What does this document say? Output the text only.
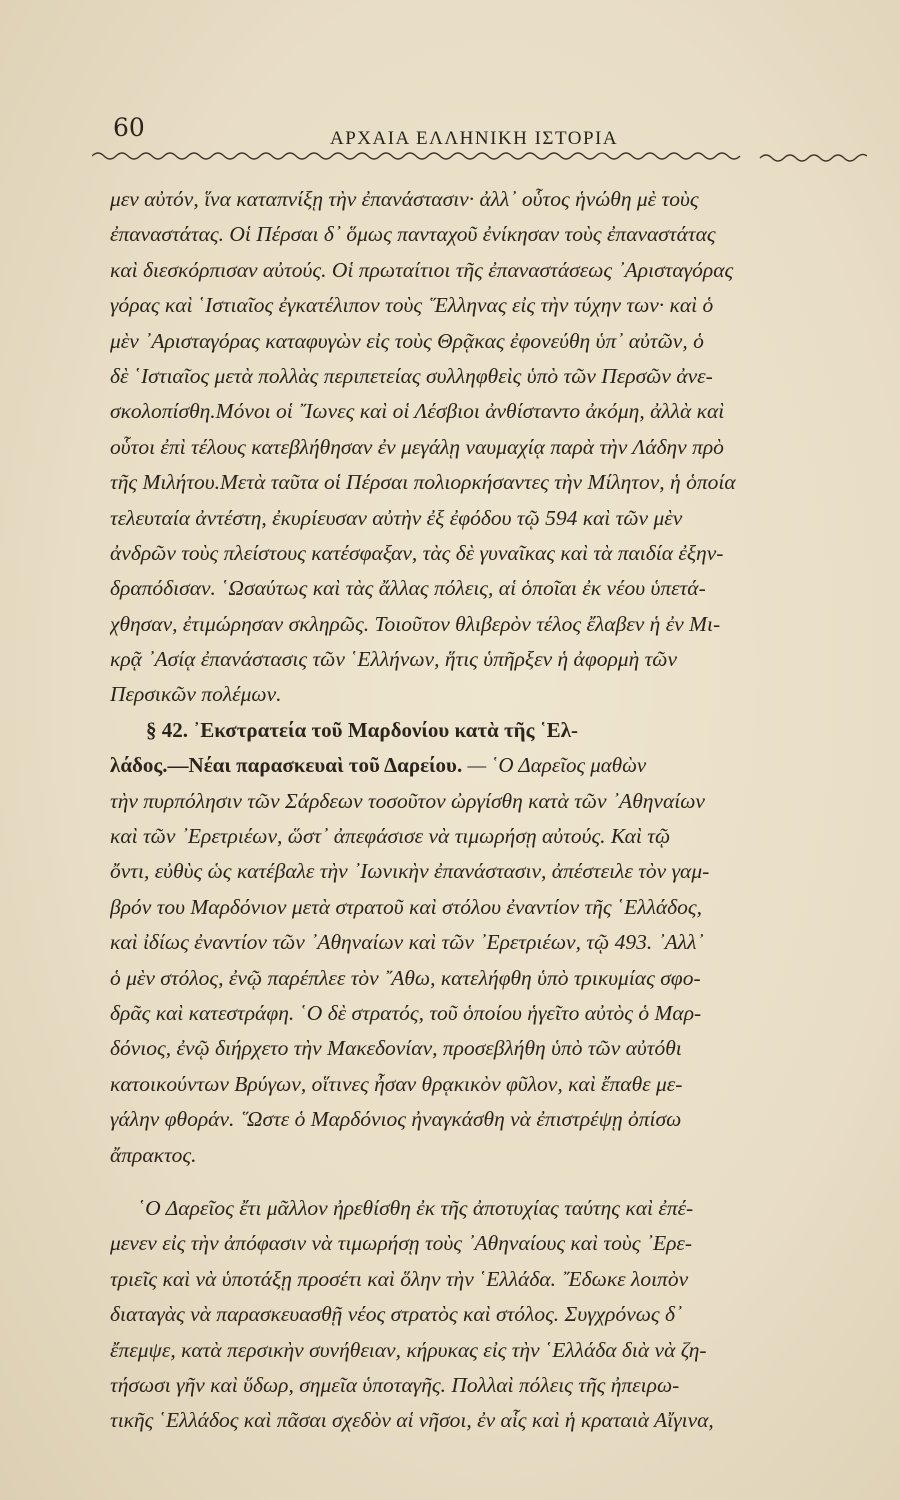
60	ΑΡΧΑΙΑ ΕΛΛΗΝΙΚΗ ΙΣΤΟΡΙΑ
μεν αὐτόν, ἵνα καταπνίξῃ τὴν ἐπανάστασιν· ἀλλ᾽ οὗτος ἡνώθη μὲ τοὺς
ἐπαναστάτας. Οἱ Πέρσαι δ᾽ ὅμως πανταχοῦ ἐνίκησαν τοὺς ἐπαναστάτας
καὶ διεσκόρπισαν αὐτούς. Οἱ πρωταίτιοι τῆς ἐπαναστάσεως ᾽Αρισταγόρας
γόρας καὶ ῾Ιστιαῖος ἐγκατέλιπον τοὺς ῞Ελληνας εἰς τὴν τύχην των· καὶ ὁ
μὲν ᾽Αρισταγόρας καταφυγὼν εἰς τοὺς Θρᾷκας ἐφονεύθη ὑπ᾽ αὐτῶν, ὁ
δὲ ῾Ιστιαῖος μετὰ πολλὰς περιπετείας συλληφθεὶς ὑπὸ τῶν Περσῶν ἀνε-
σκολοπίσθη.Μόνοι οἱ ῎Ιωνες καὶ οἱ Λέσβιοι ἀνθίσταντο ἀκόμη, ἀλλὰ καὶ
οὗτοι ἐπὶ τέλους κατεβλήθησαν ἐν μεγάλῃ ναυμαχίᾳ παρὰ τὴν Λάδην πρὸ
τῆς Μιλήτου.Μετὰ ταῦτα οἱ Πέρσαι πολιορκήσαντες τὴν Μίλητον, ἡ ὁποία
τελευταία ἀντέστη, ἐκυρίευσαν αὐτὴν ἐξ ἐφόδου τῷ 594 καὶ τῶν μὲν
ἀνδρῶν τοὺς πλείστους κατέσφαξαν, τὰς δὲ γυναῖκας καὶ τὰ παιδία ἐξην-
δραπόδισαν. ῾Ωσαύτως καὶ τὰς ἄλλας πόλεις, αἱ ὁποῖαι ἐκ νέου ὑπετά-
χθησαν, ἐτιμώρησαν σκληρῶς. Τοιοῦτον θλιβερὸν τέλος ἔλαβεν ἡ ἐν Μι-
κρᾷ ᾽Ασίᾳ ἐπανάστασις τῶν ῾Ελλήνων, ἥτις ὑπῆρξεν ἡ ἀφορμὴ τῶν
Περσικῶν πολέμων.
§ 42. ᾽Εκστρατεία τοῦ Μαρδονίου κατὰ τῆς ῾Ελ-
λάδος.—Νέαι παρασκευαὶ τοῦ Δαρείου. — ῾Ο Δαρεῖος μαθὼν
τὴν πυρπόλησιν τῶν Σάρδεων τοσοῦτον ὠργίσθη κατὰ τῶν ᾽Αθηναίων
καὶ τῶν ᾽Ερετριέων, ὥστ᾽ ἀπεφάσισε νὰ τιμωρήσῃ αὐτούς. Καὶ τῷ
ὄντι, εὐθὺς ὡς κατέβαλε τὴν ᾽Ιωνικὴν ἐπανάστασιν, ἀπέστειλε τὸν γαμ-
βρόν του Μαρδόνιον μετὰ στρατοῦ καὶ στόλου ἐναντίον τῆς ῾Ελλάδος,
καὶ ἰδίως ἐναντίον τῶν ᾽Αθηναίων καὶ τῶν ᾽Ερετριέων, τῷ 493. ᾽Αλλ᾽
ὁ μὲν στόλος, ἐνῷ παρέπλεε τὸν ῎Αθω, κατελήφθη ὑπὸ τρικυμίας σφο-
δρᾶς καὶ κατεστράφη. ῾Ο δὲ στρατός, τοῦ ὁποίου ἡγεῖτο αὐτὸς ὁ Μαρ-
δόνιος, ἐνῷ διήρχετο τὴν Μακεδονίαν, προσεβλήθη ὑπὸ τῶν αὐτόθι
κατοικούντων Βρύγων, οἵτινες ἦσαν θρᾳκικὸν φῦλον, καὶ ἔπαθε με-
γάλην φθοράν. ῞Ωστε ὁ Μαρδόνιος ἠναγκάσθη νὰ ἐπιστρέψῃ ὀπίσω
ἄπρακτος.
῾Ο Δαρεῖος ἔτι μᾶλλον ἠρεθίσθη ἐκ τῆς ἀποτυχίας ταύτης καὶ ἐπέ-
μενεν εἰς τὴν ἀπόφασιν νὰ τιμωρήσῃ τοὺς ᾽Αθηναίους καὶ τοὺς ᾽Ερε-
τριεῖς καὶ νὰ ὑποτάξῃ προσέτι καὶ ὅλην τὴν ῾Ελλάδα. ῎Εδωκε λοιπὸν
διαταγὰς νὰ παρασκευασθῇ νέος στρατὸς καὶ στόλος. Συγχρόνως δ᾽
ἔπεμψε, κατὰ περσικὴν συνήθειαν, κήρυκας εἰς τὴν ῾Ελλάδα διὰ νὰ ζη-
τήσωσι γῆν καὶ ὕδωρ, σημεῖα ὑποταγῆς. Πολλαὶ πόλεις τῆς ἠπειρω-
τικῆς ῾Ελλάδος καὶ πᾶσαι σχεδὸν αἱ νῆσοι, ἐν αἷς καὶ ἡ κραταιὰ Αἴγινα,
